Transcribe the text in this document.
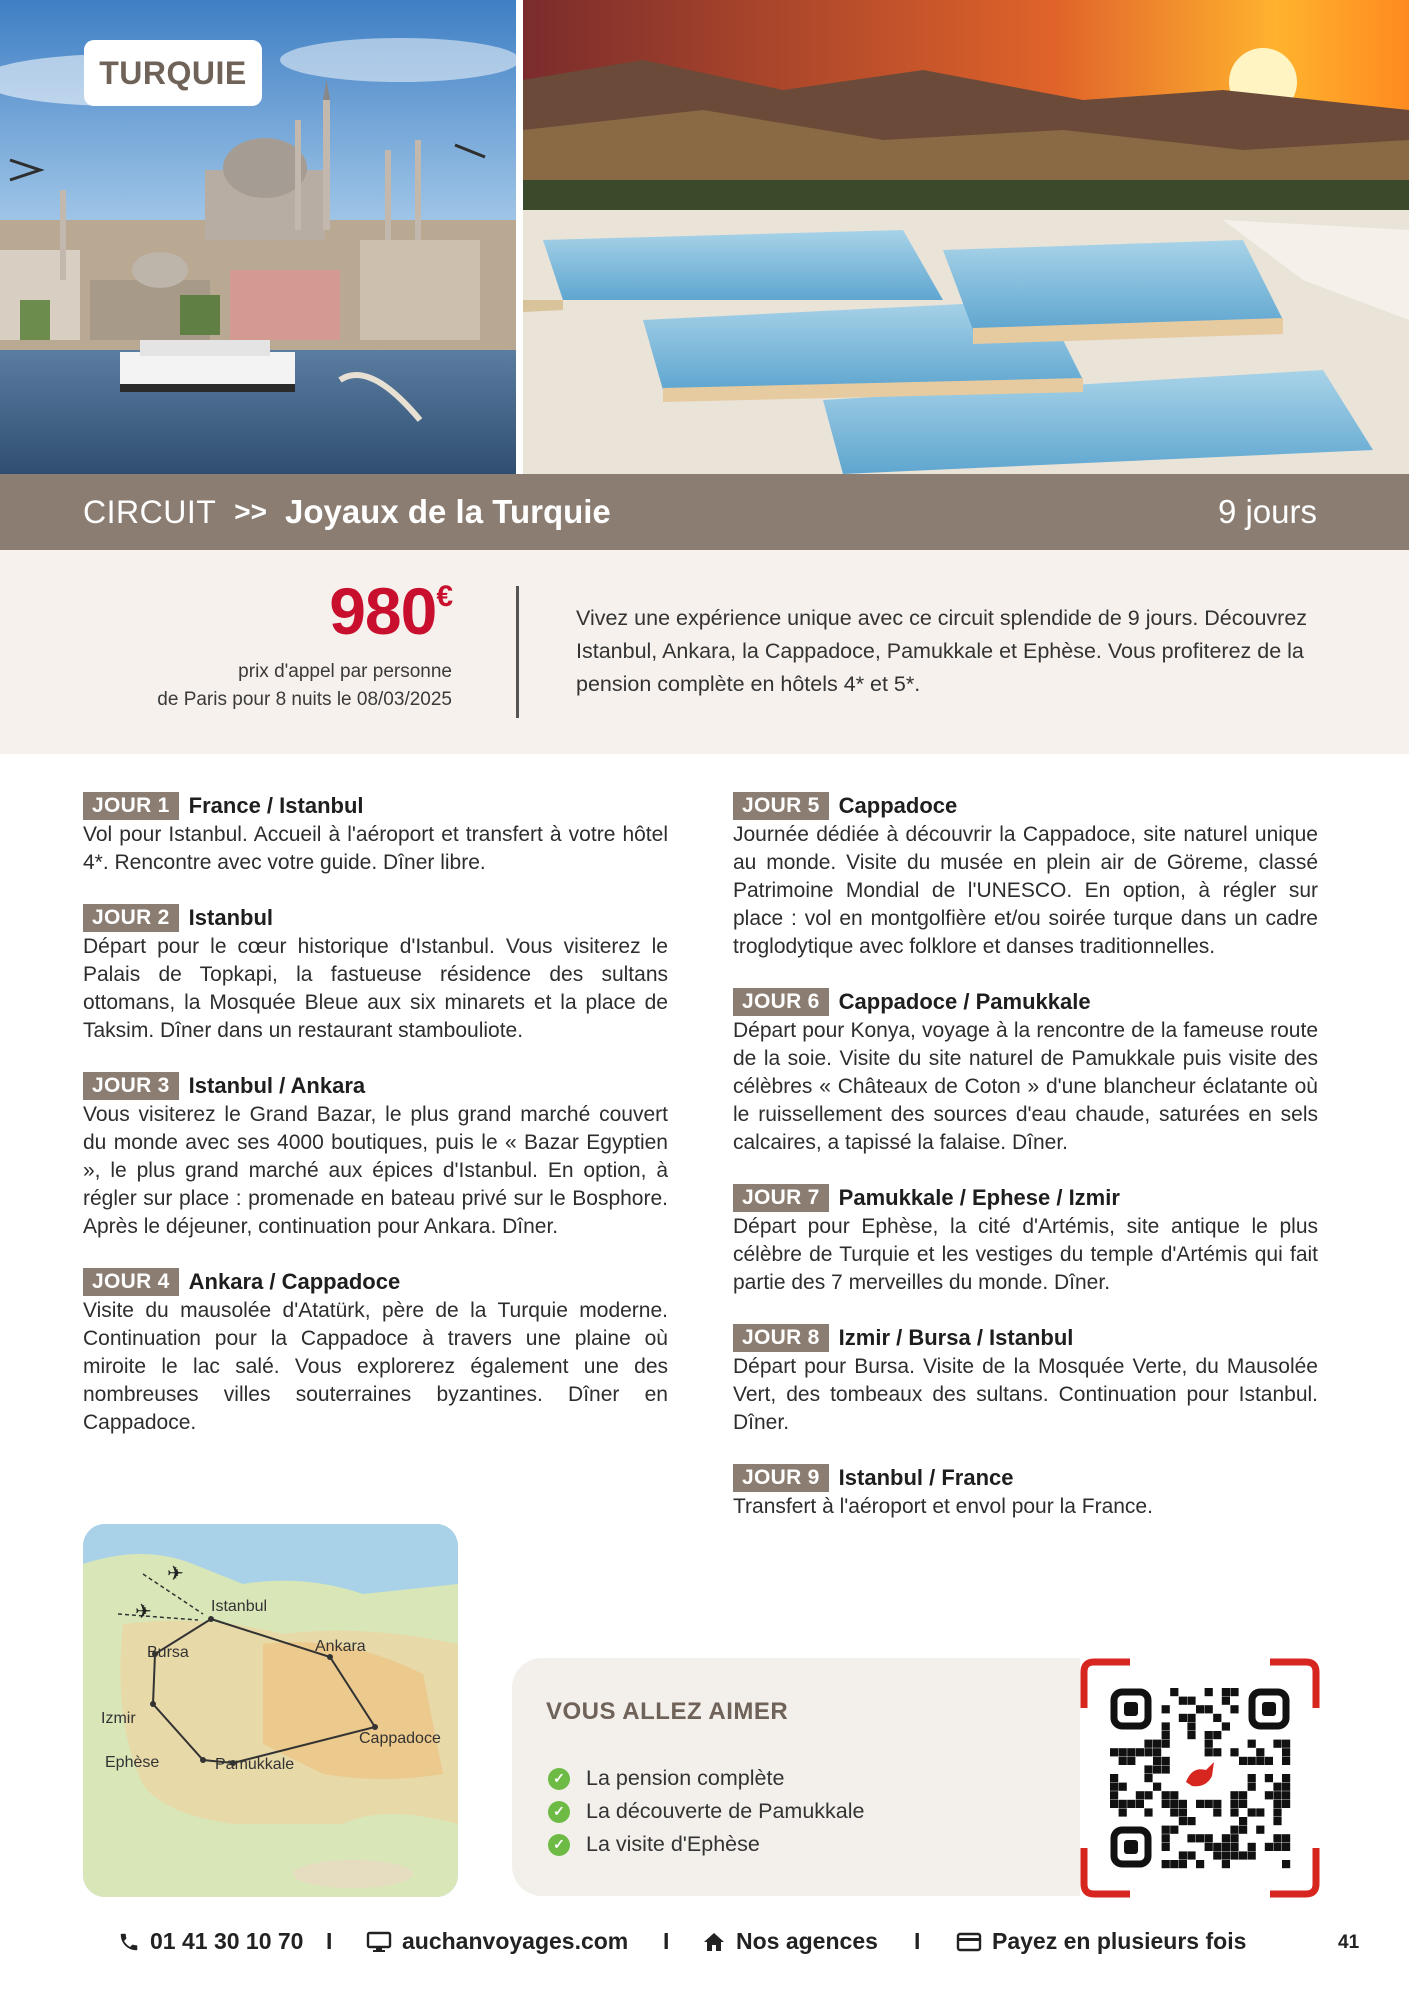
TURQUIE
CIRCUIT >> Joyaux de la Turquie	9 jours
980€
prix d'appel par personne
de Paris pour 8 nuits le 08/03/2025
Vivez une expérience unique avec ce circuit splendide de 9 jours. Découvrez Istanbul, Ankara, la Cappadoce, Pamukkale et Ephèse. Vous profiterez de la pension complète en hôtels 4* et 5*.
JOUR 1 France / Istanbul
Vol pour Istanbul. Accueil à l'aéroport et transfert à votre hôtel 4*. Rencontre avec votre guide. Dîner libre.
JOUR 2 Istanbul
Départ pour le cœur historique d'Istanbul. Vous visiterez le Palais de Topkapi, la fastueuse résidence des sultans ottomans, la Mosquée Bleue aux six minarets et la place de Taksim. Dîner dans un restaurant stambouliote.
JOUR 3 Istanbul / Ankara
Vous visiterez le Grand Bazar, le plus grand marché couvert du monde avec ses 4000 boutiques, puis le « Bazar Egyptien », le plus grand marché aux épices d'Istanbul. En option, à régler sur place : promenade en bateau privé sur le Bosphore. Après le déjeuner, continuation pour Ankara. Dîner.
JOUR 4 Ankara / Cappadoce
Visite du mausolée d'Atatürk, père de la Turquie moderne. Continuation pour la Cappadoce à travers une plaine où miroite le lac salé. Vous explorerez également une des nombreuses villes souterraines byzantines. Dîner en Cappadoce.
JOUR 5 Cappadoce
Journée dédiée à découvrir la Cappadoce, site naturel unique au monde. Visite du musée en plein air de Göreme, classé Patrimoine Mondial de l'UNESCO. En option, à régler sur place : vol en montgolfière et/ou soirée turque dans un cadre troglodytique avec folklore et danses traditionnelles.
JOUR 6 Cappadoce / Pamukkale
Départ pour Konya, voyage à la rencontre de la fameuse route de la soie. Visite du site naturel de Pamukkale puis visite des célèbres « Châteaux de Coton » d'une blancheur éclatante où le ruissellement des sources d'eau chaude, saturées en sels calcaires, a tapissé la falaise. Dîner.
JOUR 7 Pamukkale / Ephese / Izmir
Départ pour Ephèse, la cité d'Artémis, site antique le plus célèbre de Turquie et les vestiges du temple d'Artémis qui fait partie des 7 merveilles du monde. Dîner.
JOUR 8 Izmir / Bursa / Istanbul
Départ pour Bursa. Visite de la Mosquée Verte, du Mausolée Vert, des tombeaux des sultans. Continuation pour Istanbul. Dîner.
JOUR 9 Istanbul / France
Transfert à l'aéroport et envol pour la France.
✈
✈	Istanbul
Bursa	Ankara
Izmir
Ephèse	Pamukkale
Cappadoce
VOUS ALLEZ AIMER
✓ La pension complète
✓ La découverte de Pamukkale
✓ La visite d'Ephèse
01 41 30 10 70 I	auchanvoyages.com I	Nos agences I	Payez en plusieurs fois	41
